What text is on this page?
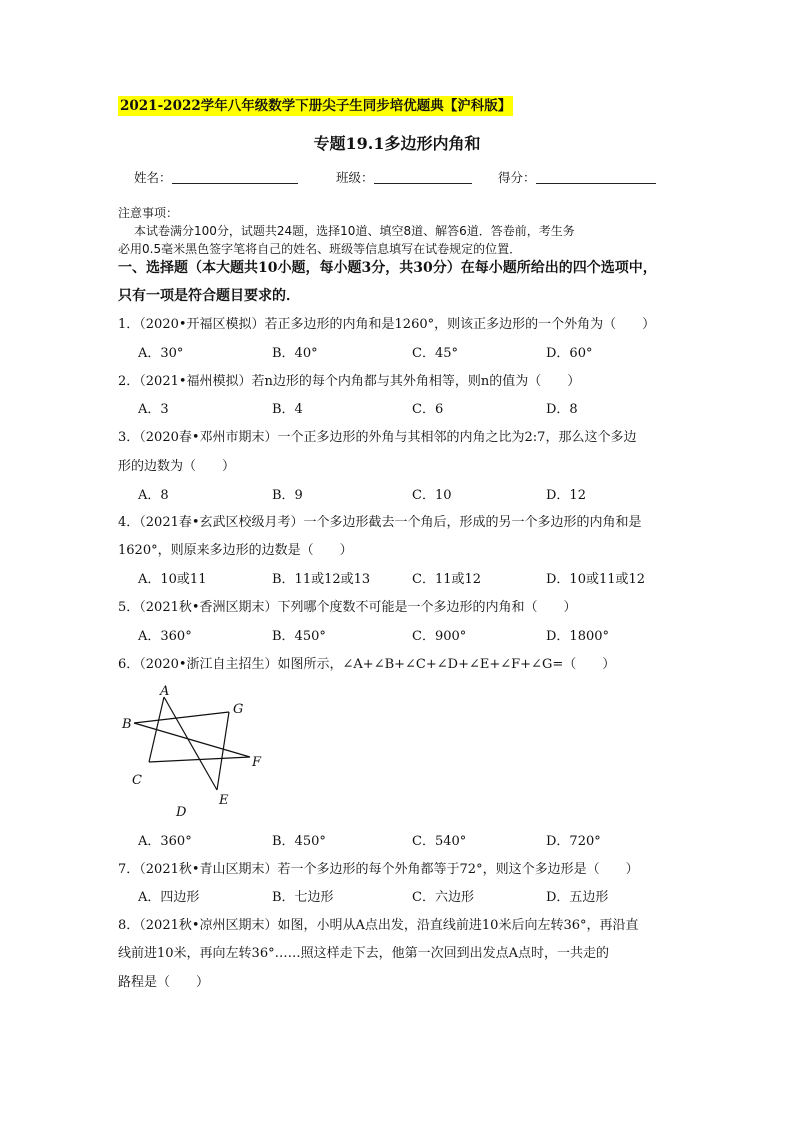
2021-2022学年八年级数学下册尖子生同步培优题典【沪科版】
专题19.1多边形内角和
姓名：	班级：	得分：
注意事项：
本试卷满分100分，试题共24题，选择10道、填空8道、解答6道．答卷前，考生务
必用0.5毫米黑色签字笔将自己的姓名、班级等信息填写在试卷规定的位置．
一、选择题（本大题共10小题，每小题3分，共30分）在每小题所给出的四个选项中，
只有一项是符合题目要求的．
1．（2020•开福区模拟）若正多边形的内角和是1260°，则该正多边形的一个外角为（　　）
A．30°	B．40°	C．45°	D．60°
2．（2021•福州模拟）若n边形的每个内角都与其外角相等，则n的值为（　　）
A．3	B．4	C．6	D．8
3．（2020春•邓州市期末）一个正多边形的外角与其相邻的内角之比为2:7，那么这个多边
形的边数为（　　）
A．8	B．9	C．10	D．12
4．（2021春•玄武区校级月考）一个多边形截去一个角后，形成的另一个多边形的内角和是
1620°，则原来多边形的边数是（　　）
A．10或11	B．11或12或13	C．11或12	D．10或11或12
5．（2021秋•香洲区期末）下列哪个度数不可能是一个多边形的内角和（　　）
A．360°	B．450°	C．900°	D．1800°
6．（2020•浙江自主招生）如图所示，∠A+∠B+∠C+∠D+∠E+∠F+∠G=（　　）
A
B
C
D
E
F
G
A．360°	B．450°	C．540°	D．720°
7．（2021秋•青山区期末）若一个多边形的每个外角都等于72°，则这个多边形是（　　）
A．四边形	B．七边形	C．六边形	D．五边形
8．（2021秋•凉州区期末）如图，小明从A点出发，沿直线前进10米后向左转36°，再沿直
线前进10米，再向左转36°……照这样走下去，他第一次回到出发点A点时，一共走的
路程是（　　）
